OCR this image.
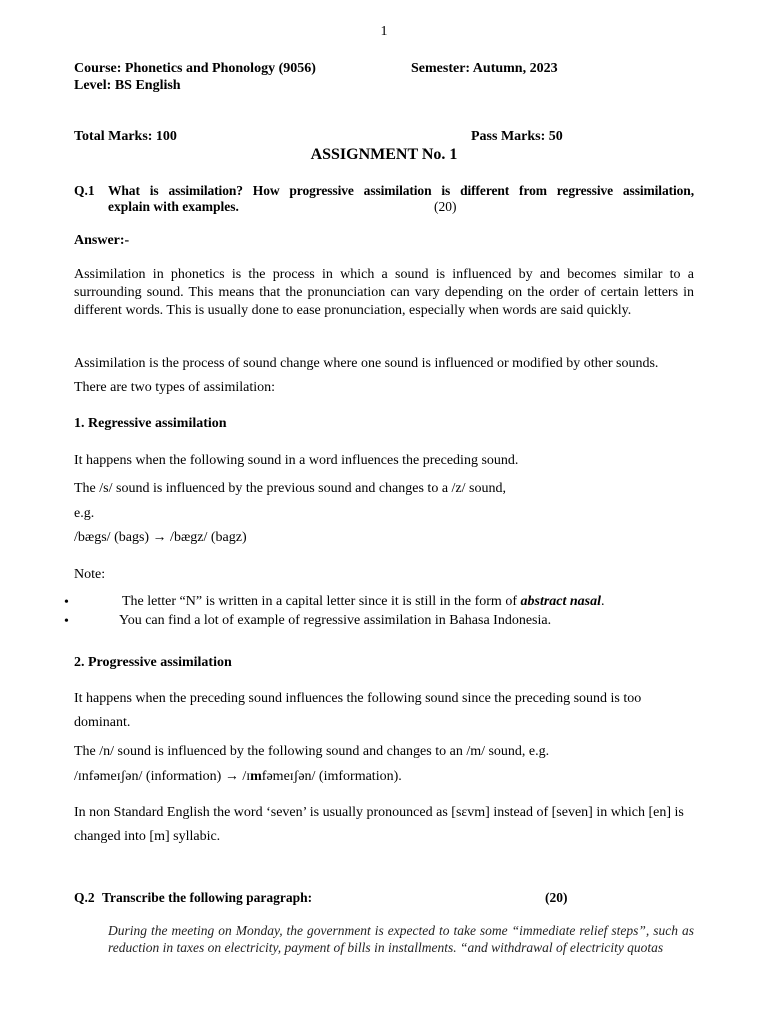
1
Course: Phonetics and Phonology (9056)	Semester: Autumn, 2023
Level: BS English
Total Marks: 100	Pass Marks: 50
ASSIGNMENT No. 1
Q.1 What is assimilation? How progressive assimilation is different from regressive assimilation,
explain with examples.	(20)
Answer:-
Assimilation in phonetics is the process in which a sound is influenced by and becomes similar to a surrounding sound. This means that the pronunciation can vary depending on the order of certain letters in different words. This is usually done to ease pronunciation, especially when words are said quickly.
Assimilation is the process of sound change where one sound is influenced or modified by other sounds. There are two types of assimilation:
1. Regressive assimilation
It happens when the following sound in a word influences the preceding sound.
The /s/ sound is influenced by the previous sound and changes to a /z/ sound,
e.g.
/bægs/ (bags) → /bægz/ (bagz)
Note:
•	The letter “N” is written in a capital letter since it is still in the form of abstract nasal.
•	You can find a lot of example of regressive assimilation in Bahasa Indonesia.
2. Progressive assimilation
It happens when the preceding sound influences the following sound since the preceding sound is too dominant.
The /n/ sound is influenced by the following sound and changes to an /m/ sound, e.g.
/ɪnfəmeɪʃən/ (information) → /ɪmfəmeɪʃən/ (imformation).
In non Standard English the word ‘seven’ is usually pronounced as [sɛvm] instead of [seven] in which [en] is changed into [m] syllabic.
Q.2 Transcribe the following paragraph:	(20)
During the meeting on Monday, the government is expected to take some “immediate relief steps”, such as reduction in taxes on electricity, payment of bills in installments. “and withdrawal of electricity quotas
